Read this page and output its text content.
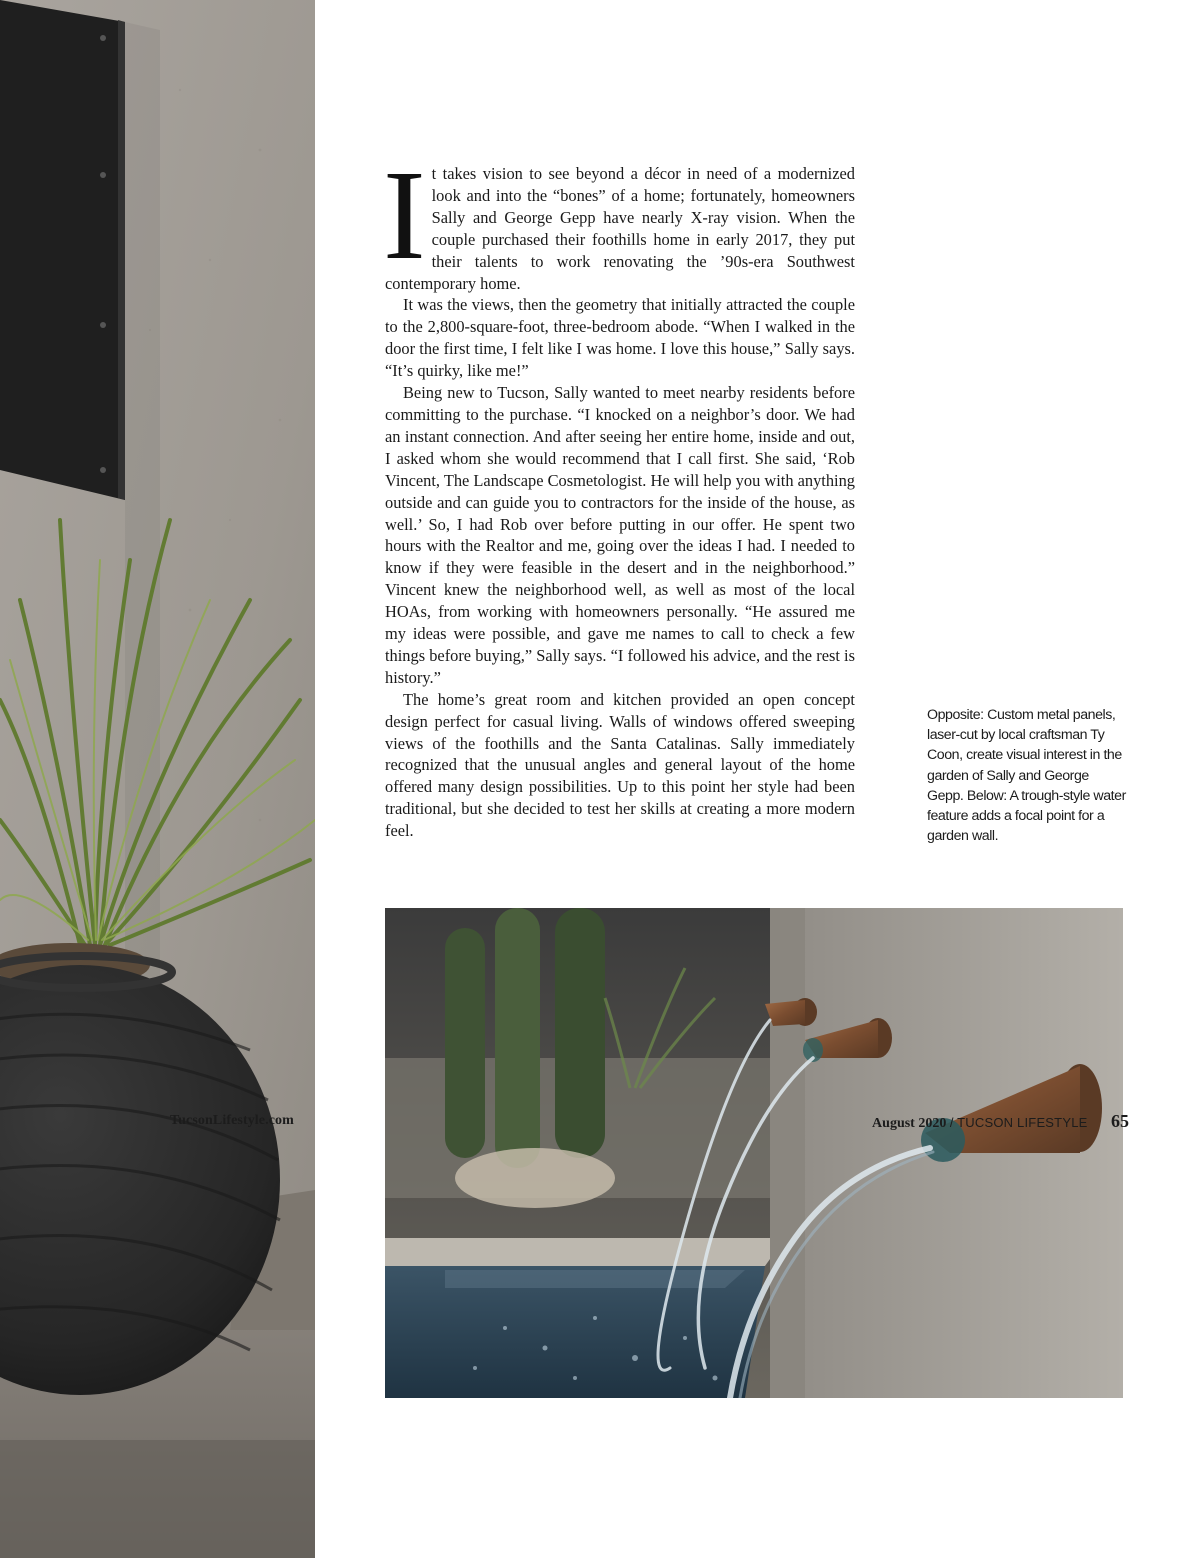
TucsonLifestyle.com

It takes vision to see beyond a décor in need of a modernized look and into the “bones” of a home; fortunately, homeowners Sally and George Gepp have nearly X-ray vision. When the couple purchased their foothills home in early 2017, they put their talents to work renovating the ’90s-era Southwest contemporary home.

It was the views, then the geometry that initially attracted the couple to the 2,800-square-foot, three-bedroom abode. “When I walked in the door the first time, I felt like I was home. I love this house,” Sally says. “It’s quirky, like me!”

Being new to Tucson, Sally wanted to meet nearby residents before committing to the purchase. “I knocked on a neighbor’s door. We had an instant connection. And after seeing her entire home, inside and out, I asked whom she would recommend that I call first. She said, ‘Rob Vincent, The Landscape Cosmetologist. He will help you with anything outside and can guide you to contractors for the inside of the house, as well.’ So, I had Rob over before putting in our offer. He spent two hours with the Realtor and me, going over the ideas I had. I needed to know if they were feasible in the desert and in the neighborhood.” Vincent knew the neighborhood well, as well as most of the local HOAs, from working with homeowners personally. “He assured me my ideas were possible, and gave me names to call to check a few things before buying,” Sally says. “I followed his advice, and the rest is history.”

The home’s great room and kitchen provided an open concept design perfect for casual living. Walls of windows offered sweeping views of the foothills and the Santa Catalinas. Sally immediately recognized that the unusual angles and general layout of the home offered many design possibilities. Up to this point her style had been traditional, but she decided to test her skills at creating a more modern feel.

Opposite: Custom metal panels, laser-cut by local craftsman Ty Coon, create visual interest in the garden of Sally and George Gepp. Below: A trough-style water feature adds a focal point for a garden wall.
August 2020 / TUCSON LIFESTYLE 65
